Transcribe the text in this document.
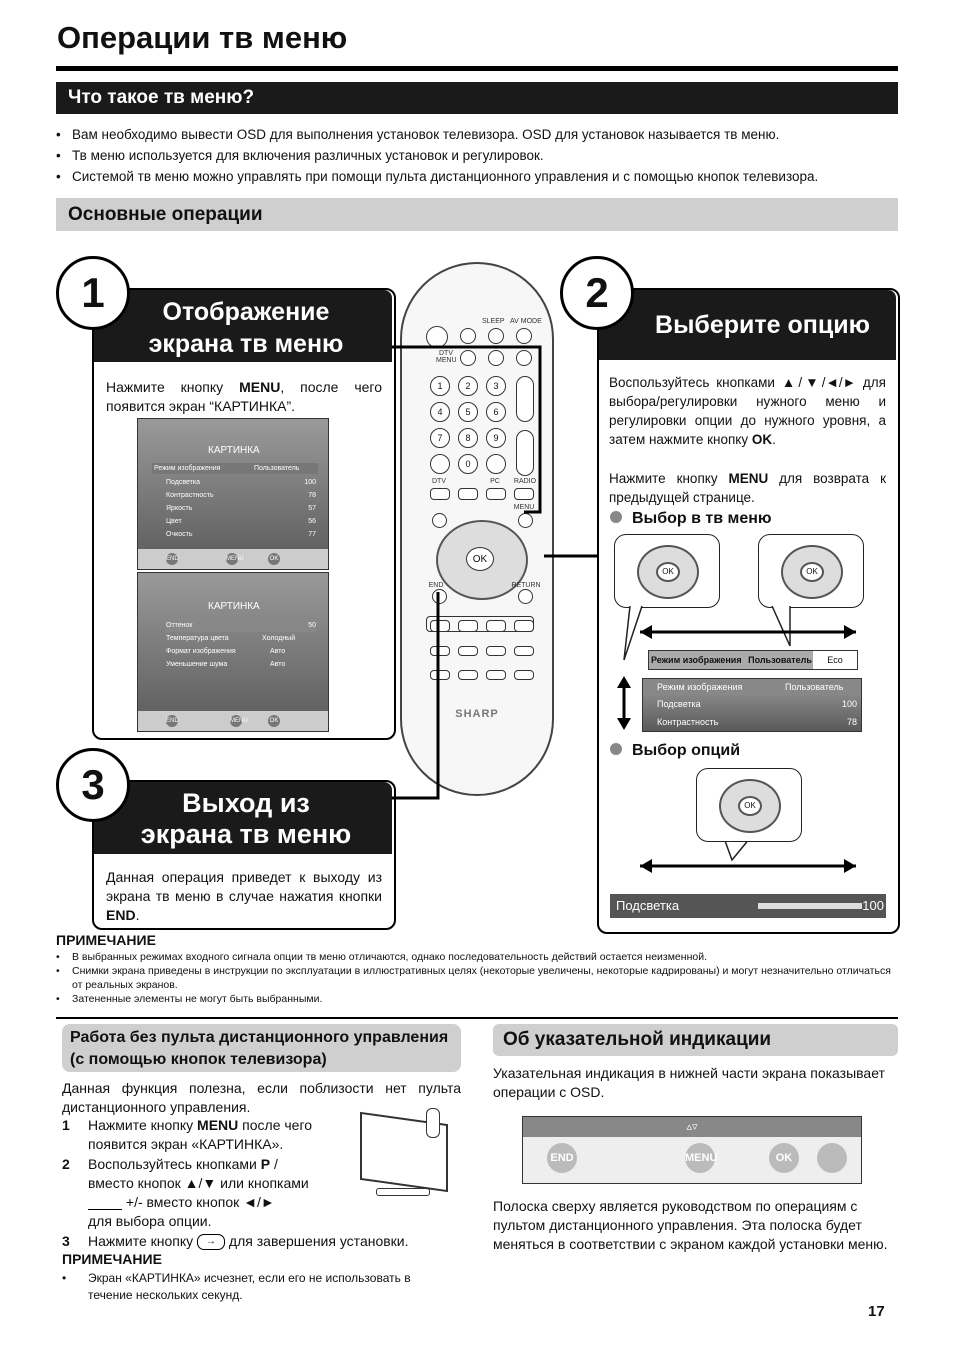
Операции тв меню
Что такое тв меню?
• Вам необходимо вывести OSD для выполнения установок телевизора. OSD для установок называется тв меню.
• Тв меню используется для включения различных установок и регулировок.
• Системой тв меню можно управлять при помощи пульта дистанционного управления и с помощью кнопок телевизора.
Основные операции
Отображение экрана тв меню
1
Нажмите кнопку MENU, после чего появится экран “КАРТИНКА”.
КАРТИНКА
Режим изображения	Пользователь
Подсветка	100
Контрастность	78
Яркость	57
Цвет	56
Oчкость	77
END	MENU	OK
КАРТИНКА
Оттенок	50
Температура цвета	Холодный
Формат изображения	Авто
Уменьшение шума	Авто
END	MENU	OK
Выход из экрана тв меню
3
Данная операция приведет к выходу из экрана тв меню в случае нажатия кнопки END.
SLEEP AV MODE
DTV MENU
1	2	3
4	5	6
7	8	9
0
DTV	PC	RADIO
MENU
OK
END	RETURN
SHARP
Выберите опцию
2
Воспользуйтесь кнопками ▲/▼/◄/► для выбора/регулировки нужного меню и регулировки опции до нужного уровня, а затем нажмите кнопку OK.
Нажмите кнопку MENU для возврата к предыдущей странице.
Выбор в тв меню
OK	OK
Режим изображения Пользователь	Eco
Режим изображения	Пользователь
Подсветка	100
Контрастность	78
Выбор опций
OK
Подсветка	100
ПРИМЕЧАНИЕ
• В выбранных режимах входного сигнала опции тв меню отличаются, однако последовательность действий остается неизменной.
• Снимки экрана приведены в инструкции по эксплуатации в иллюстративных целях (некоторые увеличены, некоторые кадрированы) и могут незначительно отличаться от реальных экранов.
• Затененные элементы не могут быть выбранными.
Работа без пульта дистанционного управления (с помощью кнопок телевизора)
Данная функция полезна, если поблизости нет пульта дистанционного управления.
1	Нажмите кнопку MENU после чего появится экран «КАРТИНКА».
2	Воспользуйтесь кнопками P /
вместо кнопок ▲/▼ или кнопками
+/- вместо кнопок ◄/►
для выбора опции.
3	Нажмите кнопку → для завершения установки.
ПРИМЕЧАНИЕ
• Экран «КАРТИНКА» исчезнет, если его не использовать в течение нескольких секунд.
Об указательной индикации
Указательная индикация в нижней части экрана показывает операции с OSD.
▵▿
END	MENU	OK
Полоска сверху является руководством по операциям с пультом дистанционного управления. Эта полоска будет меняться в соответствии с экраном каждой установки меню.
17
